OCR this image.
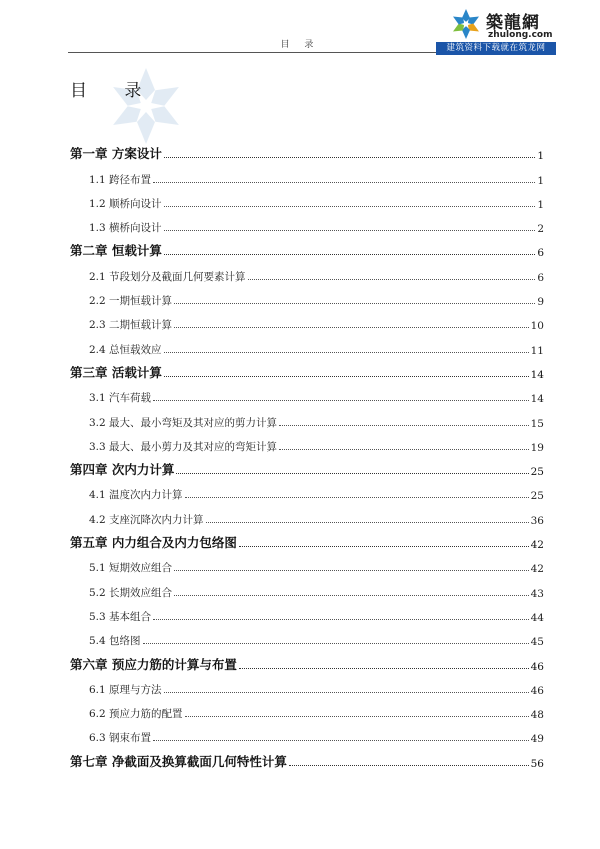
目 录
築龍網
zhulong.com
建筑资料下载就在筑龙网
目 录
第一章 方案设计	1
1.1 跨径布置	1
1.2 顺桥向设计	1
1.3 横桥向设计	2
第二章 恒载计算	6
2.1 节段划分及截面几何要素计算	6
2.2 一期恒载计算	9
2.3 二期恒载计算	10
2.4 总恒载效应	11
第三章 活载计算	14
3.1 汽车荷载	14
3.2 最大、最小弯矩及其对应的剪力计算	15
3.3 最大、最小剪力及其对应的弯矩计算	19
第四章 次内力计算	25
4.1 温度次内力计算	25
4.2 支座沉降次内力计算	36
第五章 内力组合及内力包络图	42
5.1 短期效应组合	42
5.2 长期效应组合	43
5.3 基本组合	44
5.4 包络图	45
第六章 预应力筋的计算与布置	46
6.1 原理与方法	46
6.2 预应力筋的配置	48
6.3 钢束布置	49
第七章 净截面及换算截面几何特性计算	56
